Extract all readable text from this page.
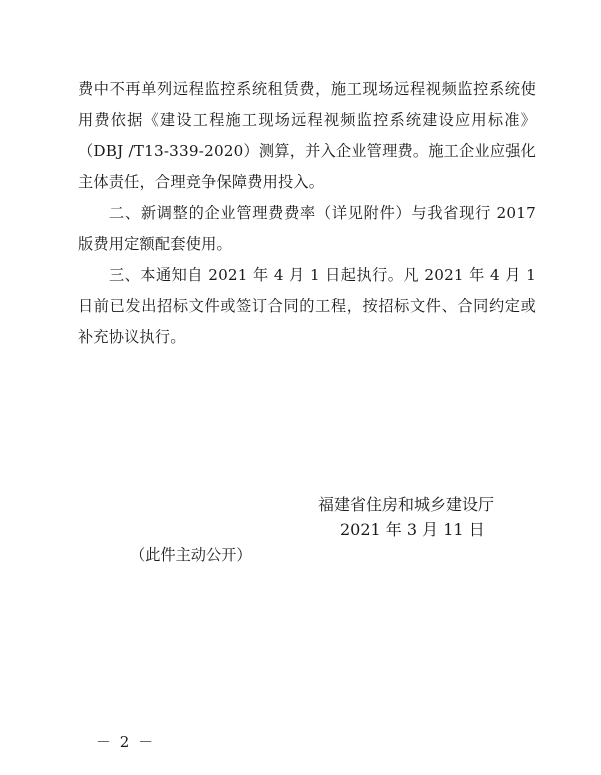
费中不再单列远程监控系统租赁费，施工现场远程视频监控系统使用费依据《建设工程施工现场远程视频监控系统建设应用标准》（DBJ /T13-339-2020）测算，并入企业管理费。施工企业应强化主体责任，合理竞争保障费用投入。

二、新调整的企业管理费费率（详见附件）与我省现行 2017 版费用定额配套使用。

三、本通知自 2021 年 4 月 1 日起执行。凡 2021 年 4 月 1 日前已发出招标文件或签订合同的工程，按招标文件、合同约定或补充协议执行。

福建省住房和城乡建设厅
2021 年 3 月 11 日
（此件主动公开）
－ 2 －
